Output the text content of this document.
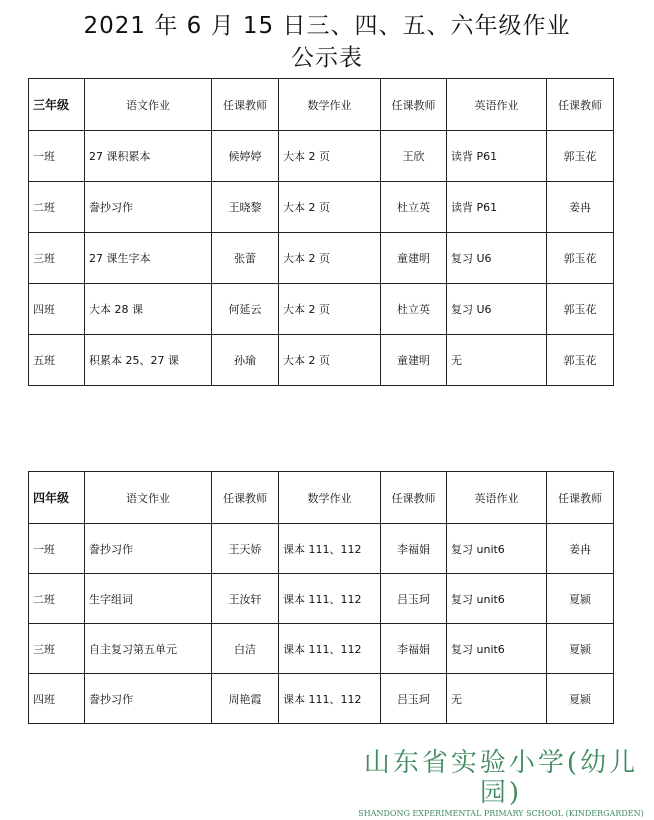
2021 年 6 月 15 日三、四、五、六年级作业
公示表
三年级	语文作业	任课教师	数学作业	任课教师	英语作业	任课教师
一班	27 课积累本	候婷婷	大本 2 页	王欣	读背 P61	郭玉花
二班	誊抄习作	王晓黎	大本 2 页	杜立英	读背 P61	姜冉
三班	27 课生字本	张蕾	大本 2 页	童建明	复习 U6	郭玉花
四班	大本 28 课	何延云	大本 2 页	杜立英	复习 U6	郭玉花
五班	积累本 25、27 课	孙瑜	大本 2 页	童建明	无	郭玉花
四年级	语文作业	任课教师	数学作业	任课教师	英语作业	任课教师
一班	誊抄习作	王天娇	课本 111、112	李福娟	复习 unit6	姜冉
二班	生字组词	王汝轩	课本 111、112	吕玉珂	复习 unit6	夏颍
三班	自主复习第五单元	白洁	课本 111、112	李福娟	复习 unit6	夏颍
四班	誊抄习作	周艳霞	课本 111、112	吕玉珂	无	夏颍
山东省实验小学(幼儿园)
SHANDONG EXPERIMENTAL PRIMARY SCHOOL (KINDERGARDEN)
